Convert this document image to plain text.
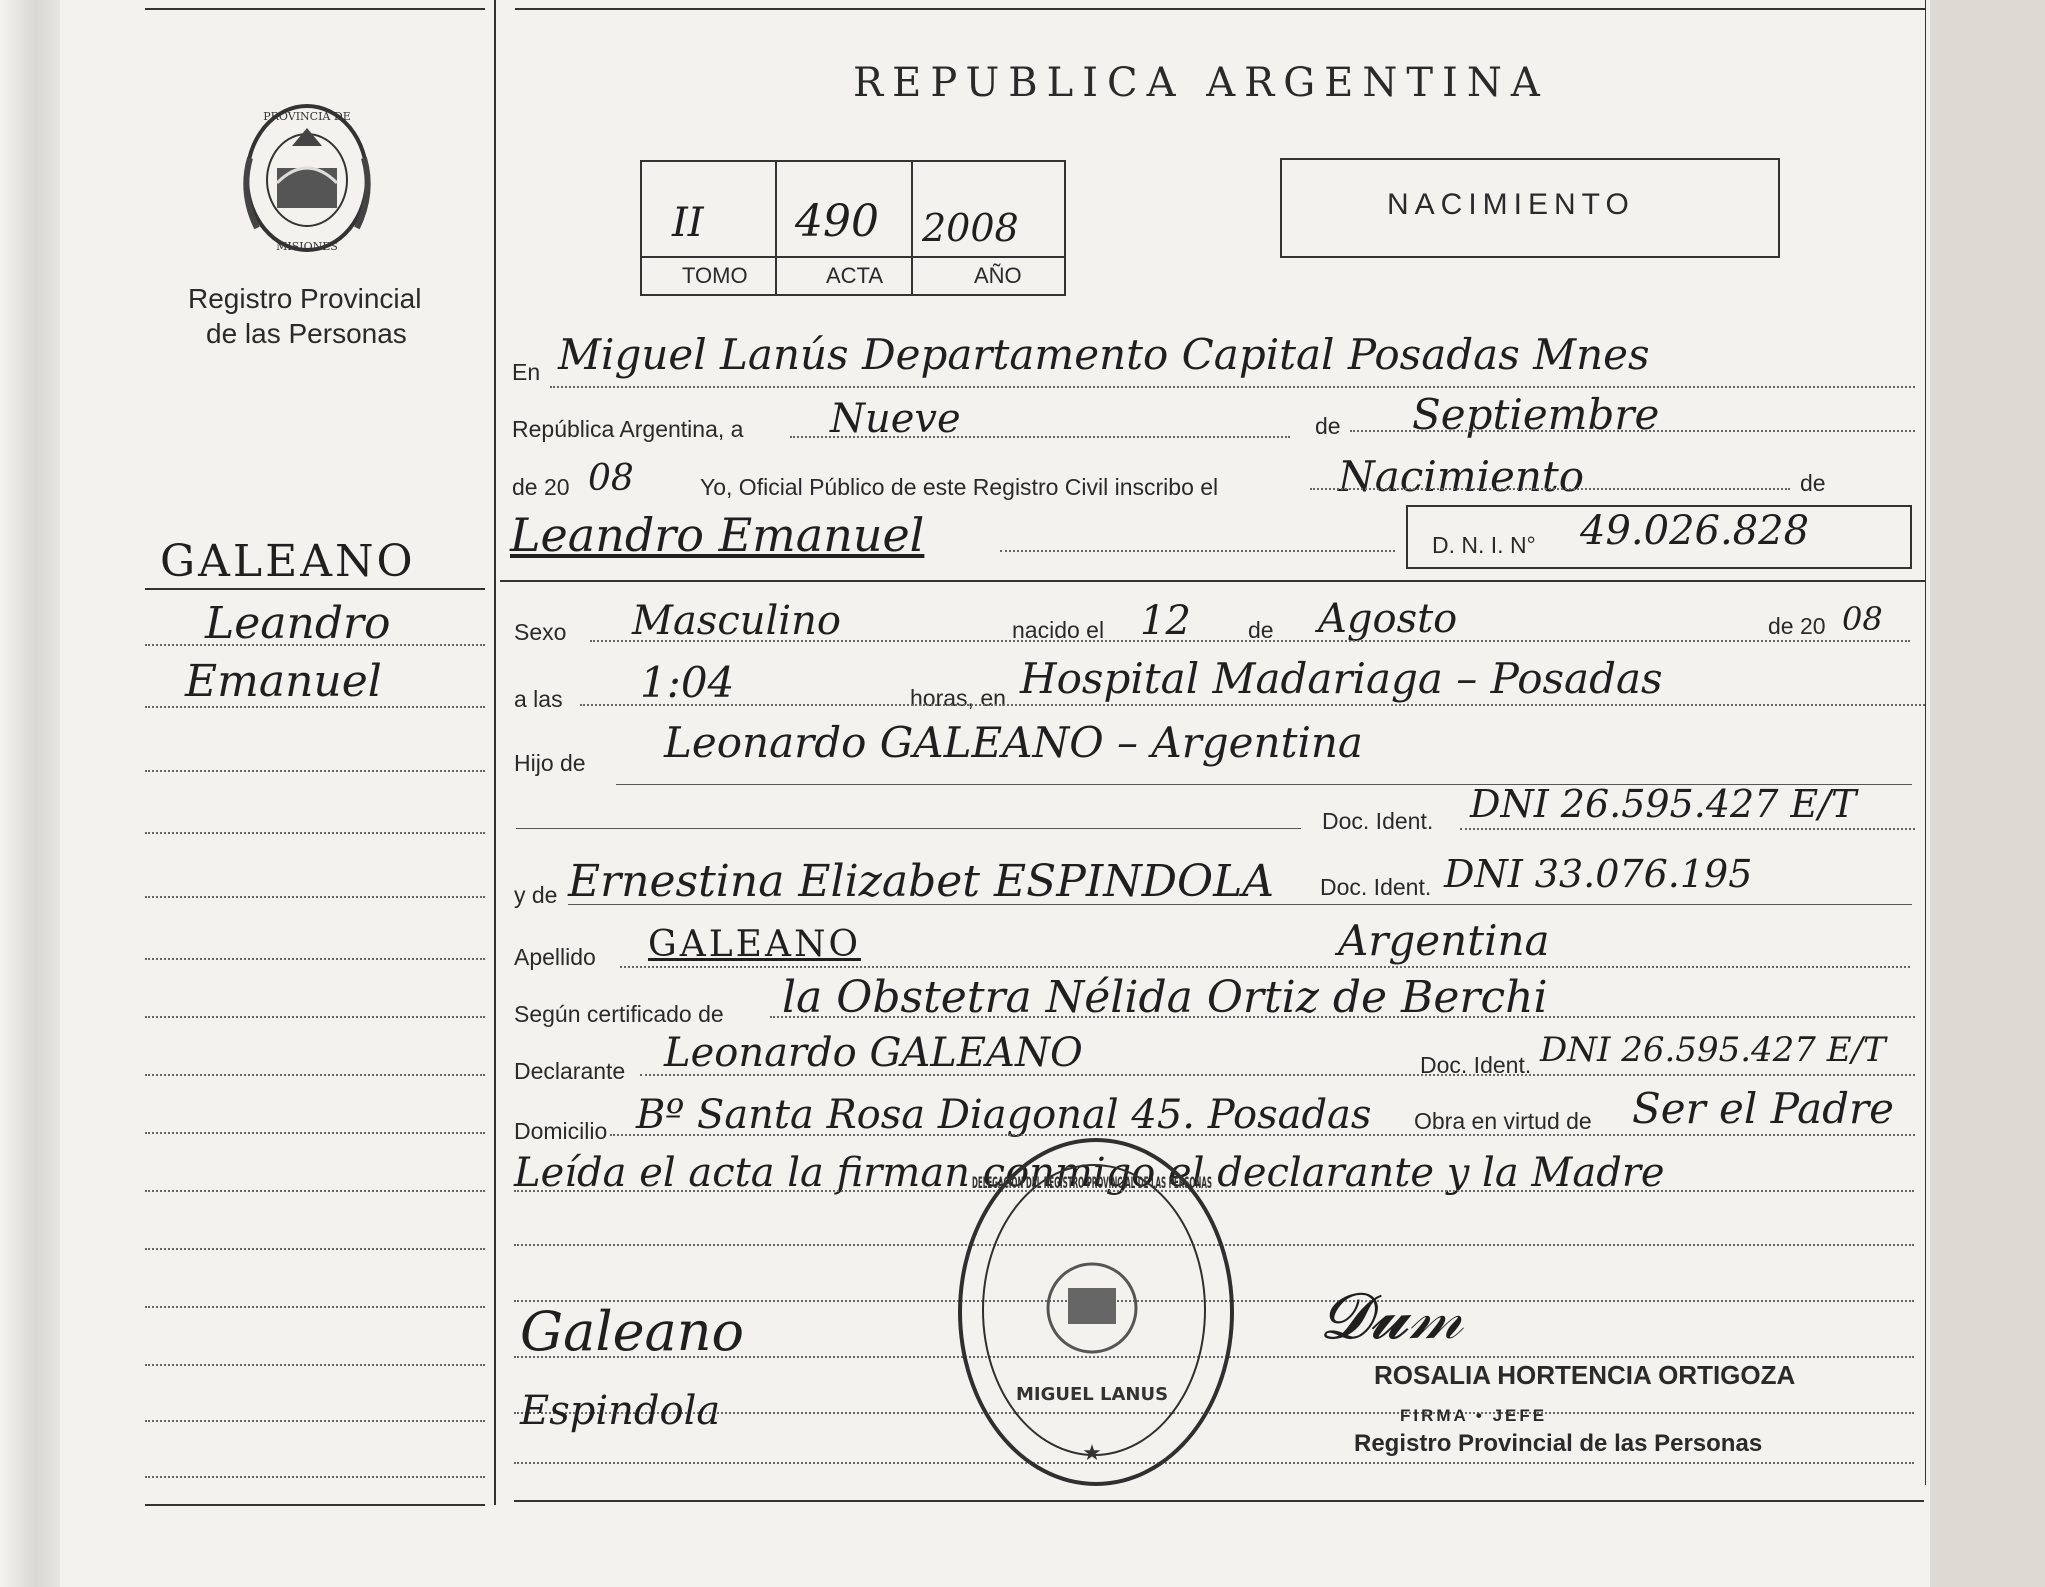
PROVINCIA DE
MISIONES
Registro Provincial
de las Personas
REPUBLICA ARGENTINA
II 490 2008
TOMO	ACTA	AÑO
NACIMIENTO
En Miguel Lanús Departamento Capital Posadas Mnes
República Argentina, a Nueve	de Septiembre
de 20 08	Yo, Oficial Público de este Registro Civil inscribo el	Nacimiento	de
Leandro Emanuel	D. N. I. N° 49.026.828
GALEANO
Leandro
Emanuel
Sexo Masculino	nacido el 12 de Agosto	de 20 08
a las 1:04	horas, en Hospital Madariaga – Posadas
Hijo de Leonardo GALEANO – Argentina
Doc. Ident. DNI 26.595.427 E/T
y de Ernestina Elizabet ESPINDOLA Doc. Ident. DNI 33.076.195
Apellido GALEANO	Argentina
Según certificado de la Obstetra Nélida Ortiz de Berchi
Declarante Leonardo GALEANO	Doc. Ident. DNI 26.595.427 E/T
Domicilio Bº Santa Rosa Diagonal 45. Posadas Obra en virtud de Ser el Padre
Leída el acta la firman conmigo el declarante y la Madre
Galeano
Espindola
DELEGACION DEL REGISTRO PROVINCIAL DE LAS PERSONAS
MIGUEL LANUS
★
𝓓𝓾𝓂
ROSALIA HORTENCIA ORTIGOZA
FIRMA • JEFE
Registro Provincial de las Personas
